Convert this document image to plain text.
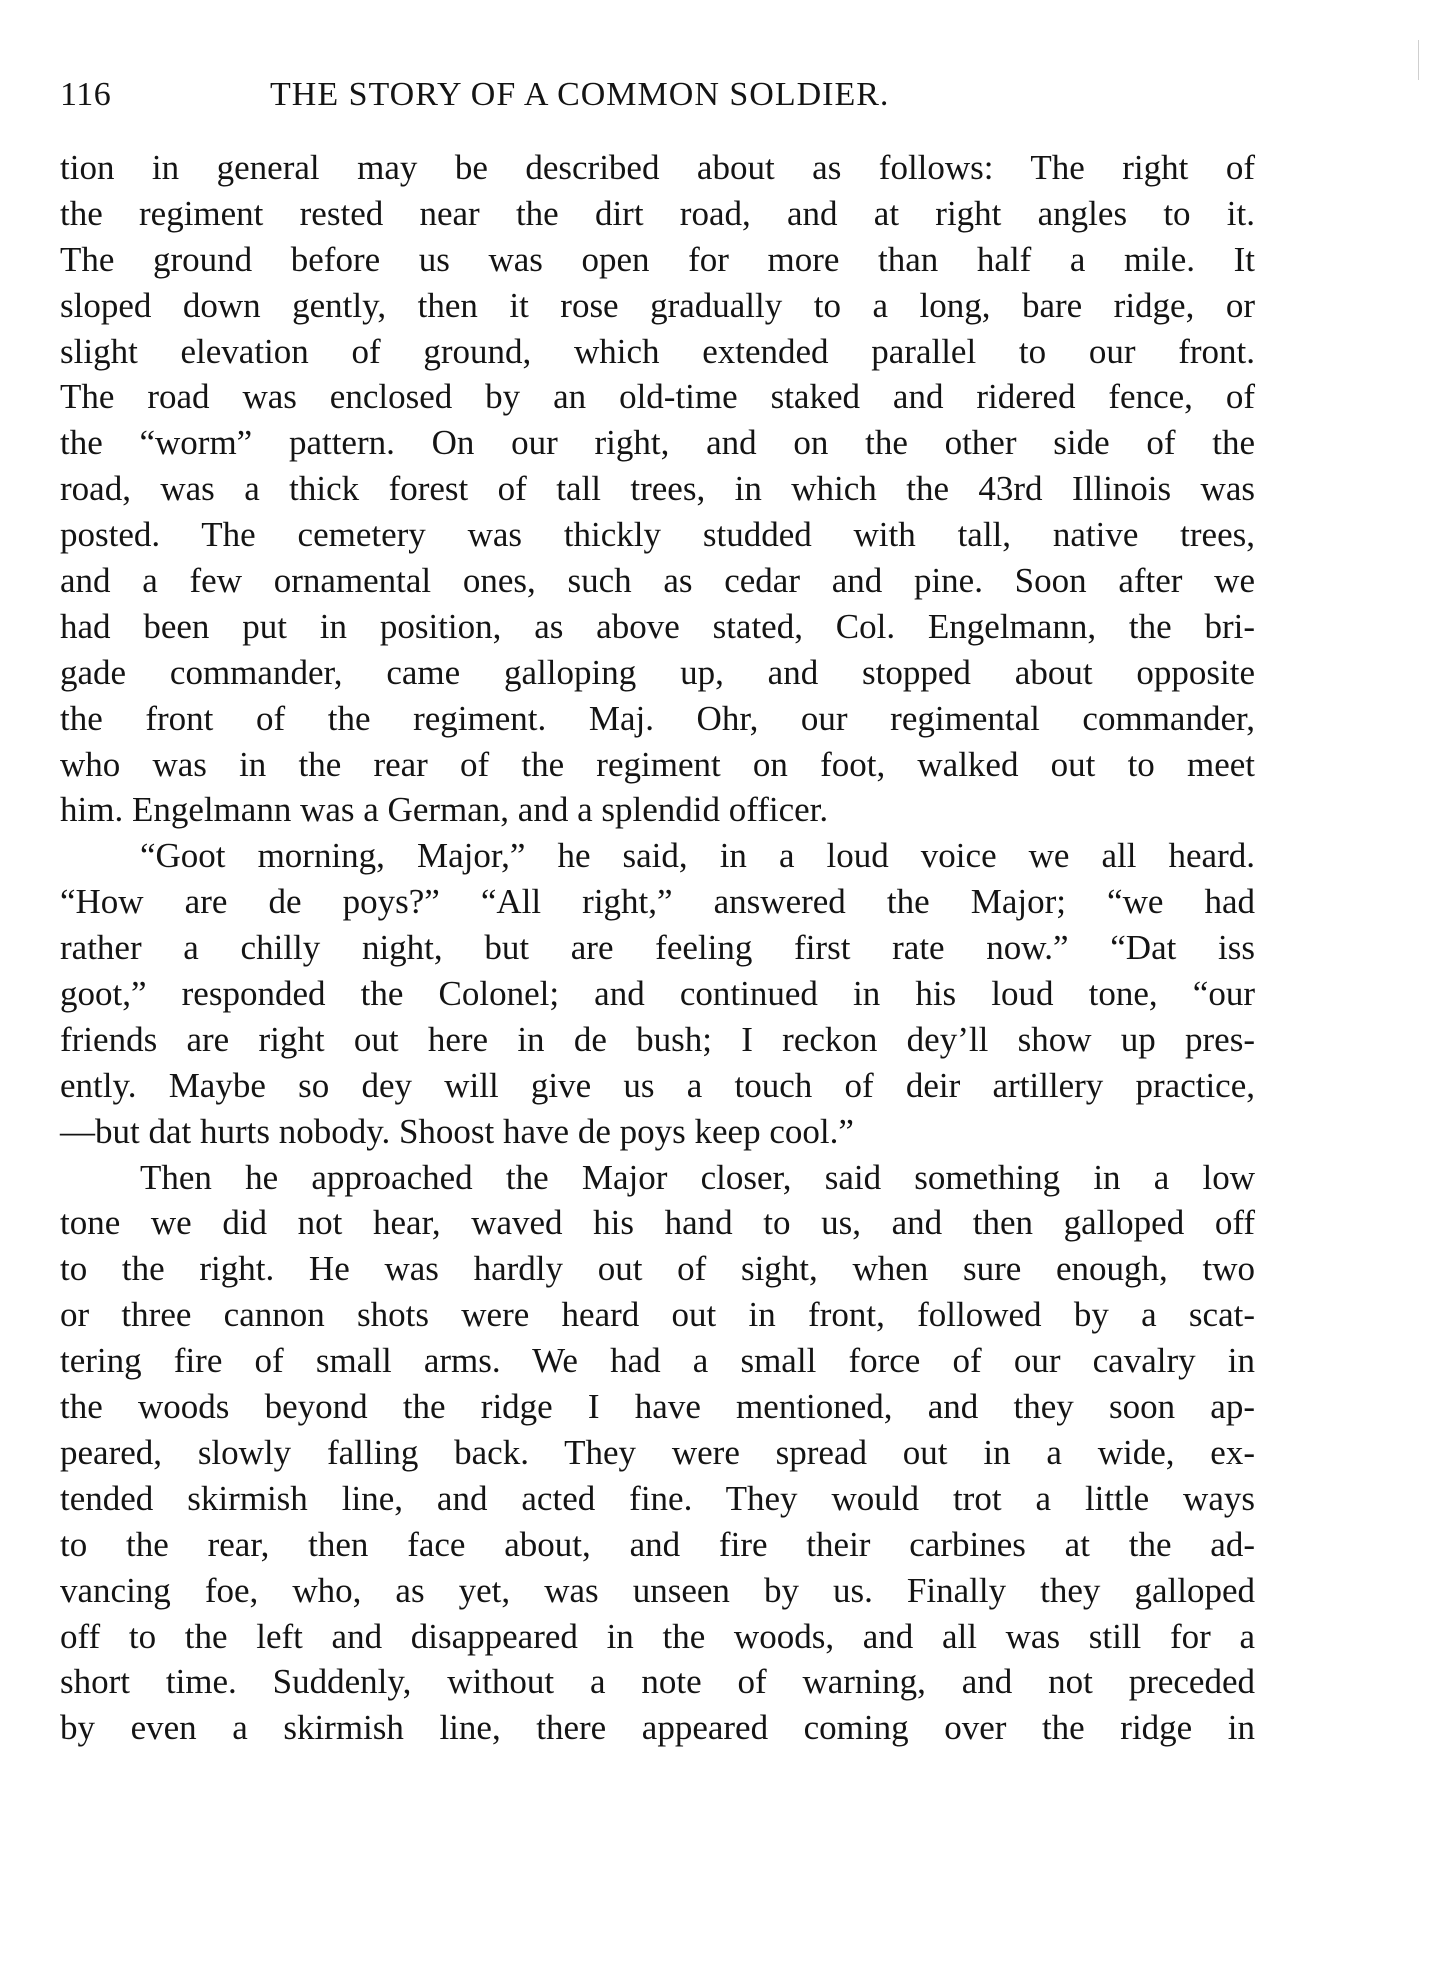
116	THE STORY OF A COMMON SOLDIER.
tion in general may be described about as follows: The right of
the regiment rested near the dirt road, and at right angles to it.
The ground before us was open for more than half a mile. It
sloped down gently, then it rose gradually to a long, bare ridge, or
slight elevation of ground, which extended parallel to our front.
The road was enclosed by an old-time staked and ridered fence, of
the “worm” pattern. On our right, and on the other side of the
road, was a thick forest of tall trees, in which the 43rd Illinois was
posted. The cemetery was thickly studded with tall, native trees,
and a few ornamental ones, such as cedar and pine. Soon after we
had been put in position, as above stated, Col. Engelmann, the bri-
gade commander, came galloping up, and stopped about opposite
the front of the regiment. Maj. Ohr, our regimental commander,
who was in the rear of the regiment on foot, walked out to meet
him. Engelmann was a German, and a splendid officer.
“Goot morning, Major,” he said, in a loud voice we all heard.
“How are de poys?” “All right,” answered the Major; “we had
rather a chilly night, but are feeling first rate now.” “Dat iss
goot,” responded the Colonel; and continued in his loud tone, “our
friends are right out here in de bush; I reckon dey’ll show up pres-
ently. Maybe so dey will give us a touch of deir artillery practice,
—but dat hurts nobody. Shoost have de poys keep cool.”
Then he approached the Major closer, said something in a low
tone we did not hear, waved his hand to us, and then galloped off
to the right. He was hardly out of sight, when sure enough, two
or three cannon shots were heard out in front, followed by a scat-
tering fire of small arms. We had a small force of our cavalry in
the woods beyond the ridge I have mentioned, and they soon ap-
peared, slowly falling back. They were spread out in a wide, ex-
tended skirmish line, and acted fine. They would trot a little ways
to the rear, then face about, and fire their carbines at the ad-
vancing foe, who, as yet, was unseen by us. Finally they galloped
off to the left and disappeared in the woods, and all was still for a
short time. Suddenly, without a note of warning, and not preceded
by even a skirmish line, there appeared coming over the ridge in
